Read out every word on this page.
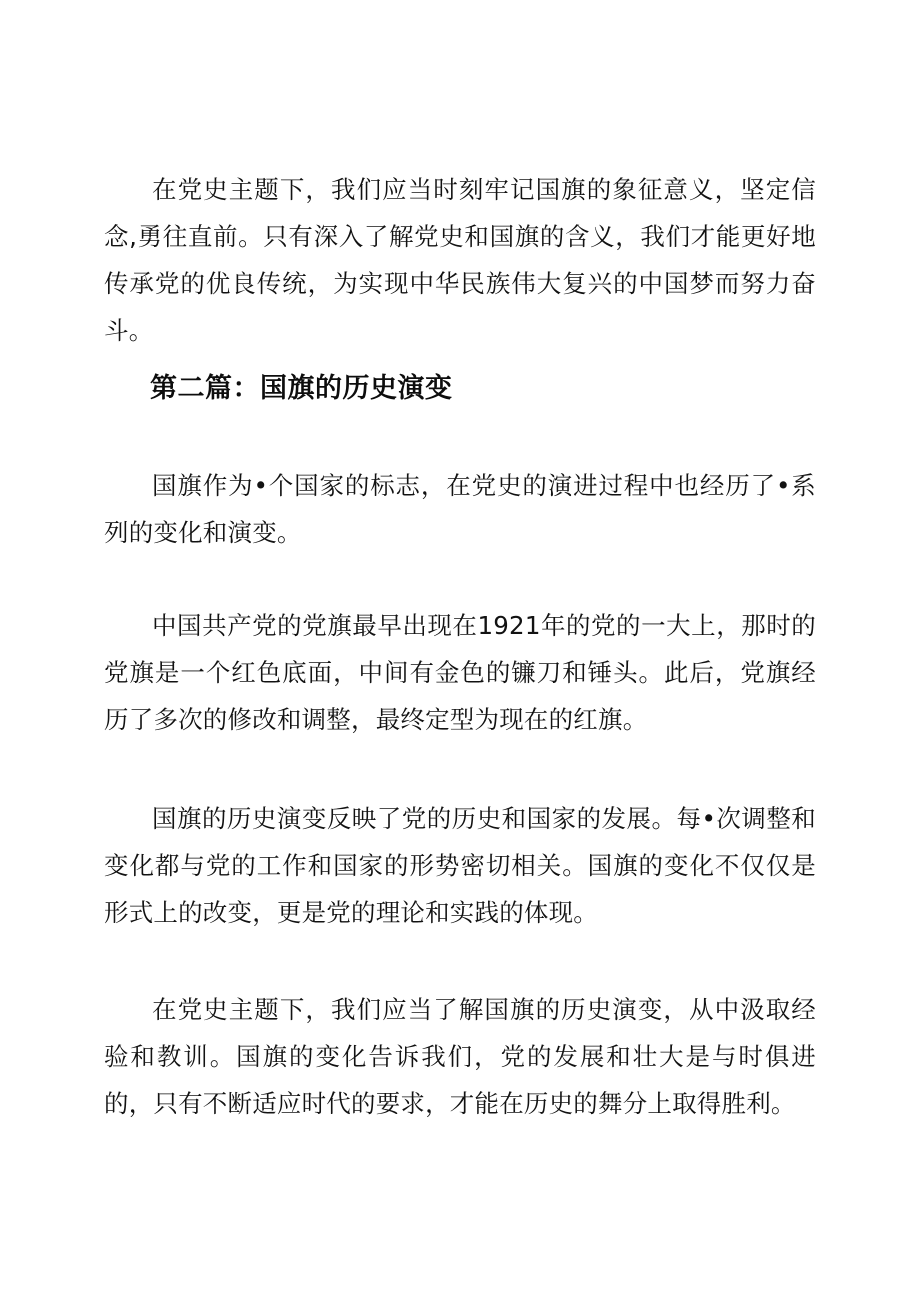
在党史主题下，我们应当时刻牢记国旗的象征意义，坚定信念,勇往直前。只有深入了解党史和国旗的含义，我们才能更好地传承党的优良传统，为实现中华民族伟大复兴的中国梦而努力奋斗。

第二篇：国旗的历史演变

国旗作为•个国家的标志，在党史的演进过程中也经历了•系列的变化和演变。

中国共产党的党旗最早出现在1921年的党的一大上，那时的党旗是一个红色底面，中间有金色的镰刀和锤头。此后，党旗经历了多次的修改和调整，最终定型为现在的红旗。

国旗的历史演变反映了党的历史和国家的发展。每•次调整和变化都与党的工作和国家的形势密切相关。国旗的变化不仅仅是形式上的改变，更是党的理论和实践的体现。

在党史主题下，我们应当了解国旗的历史演变，从中汲取经验和教训。国旗的变化告诉我们，党的发展和壮大是与时俱进的，只有不断适应时代的要求，才能在历史的舞分上取得胜利。
